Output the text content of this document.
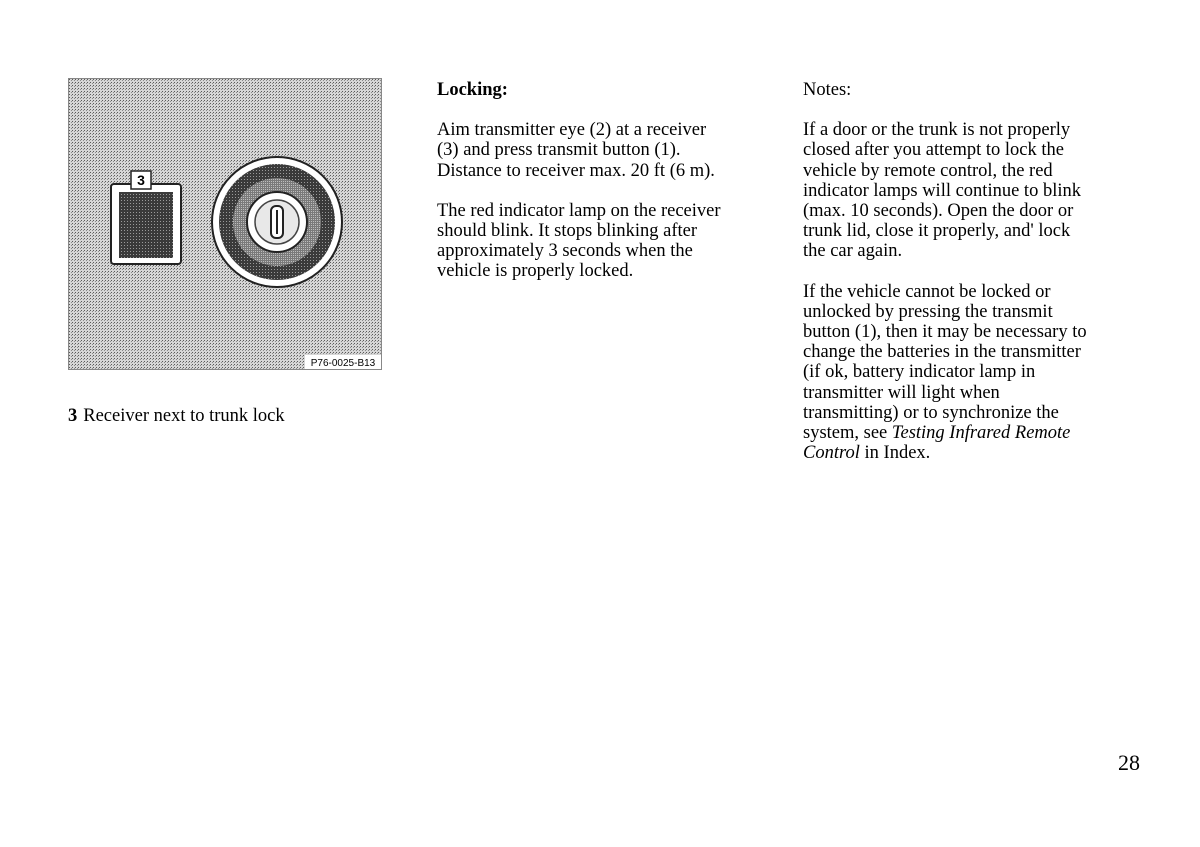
3
P76-0025-B13
3 Receiver next to trunk lock
Locking:

Aim transmitter eye (2) at a receiver
(3) and press transmit button (1).
Distance to receiver max. 20 ft (6 m).

The red indicator lamp on the receiver
should blink. It stops blinking after
approximately 3 seconds when the
vehicle is properly locked.

Notes:

If a door or the trunk is not properly
closed after you attempt to lock the
vehicle by remote control, the red
indicator lamps will continue to blink
(max. 10 seconds). Open the door or
trunk lid, close it properly, and' lock
the car again.

If the vehicle cannot be locked or
unlocked by pressing the transmit
button (1), then it may be necessary to
change the batteries in the transmitter
(if ok, battery indicator lamp in
transmitter will light when
transmitting) or to synchronize the
system, see Testing Infrared Remote
Control in Index.

28
